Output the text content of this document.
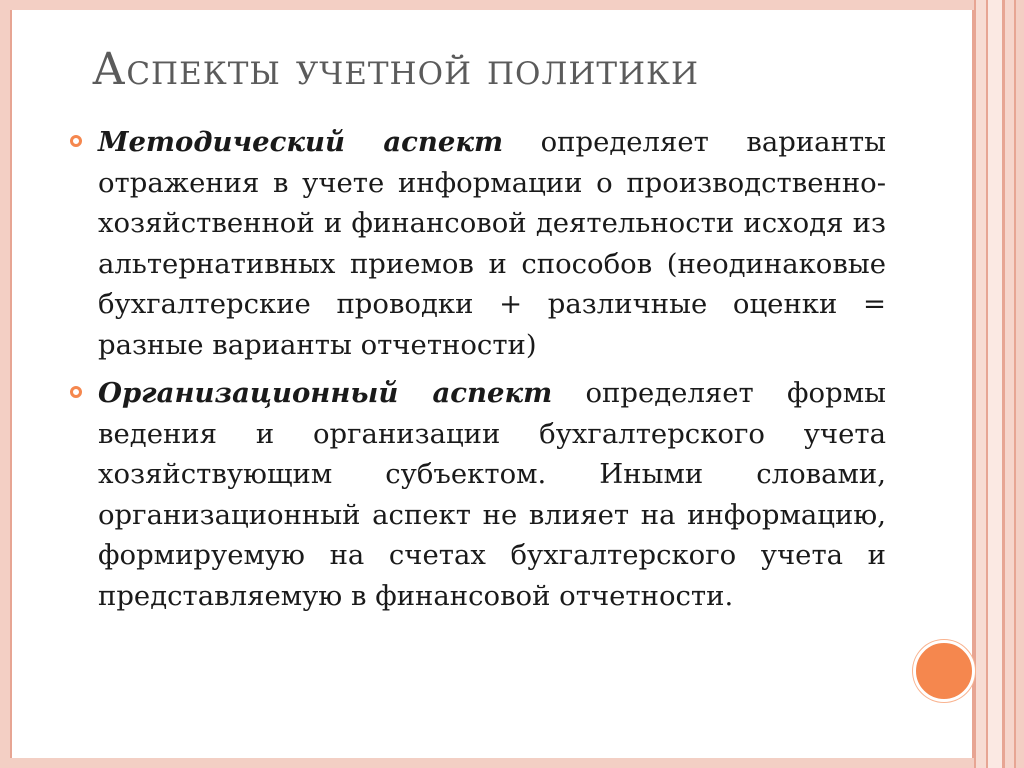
Аспекты учетной политики

Методический аспект определяет варианты отражения в учете информации о производственно-хозяйственной и финансовой деятельности исходя из альтернативных приемов и способов (неодинаковые бухгалтерские проводки + различные оценки = разные варианты отчетности)

Организационный аспект определяет формы ведения и организации бухгалтерского учета хозяйствующим субъектом. Иными словами, организационный аспект не влияет на информацию, формируемую на счетах бухгалтерского учета и представляемую в финансовой отчетности.
